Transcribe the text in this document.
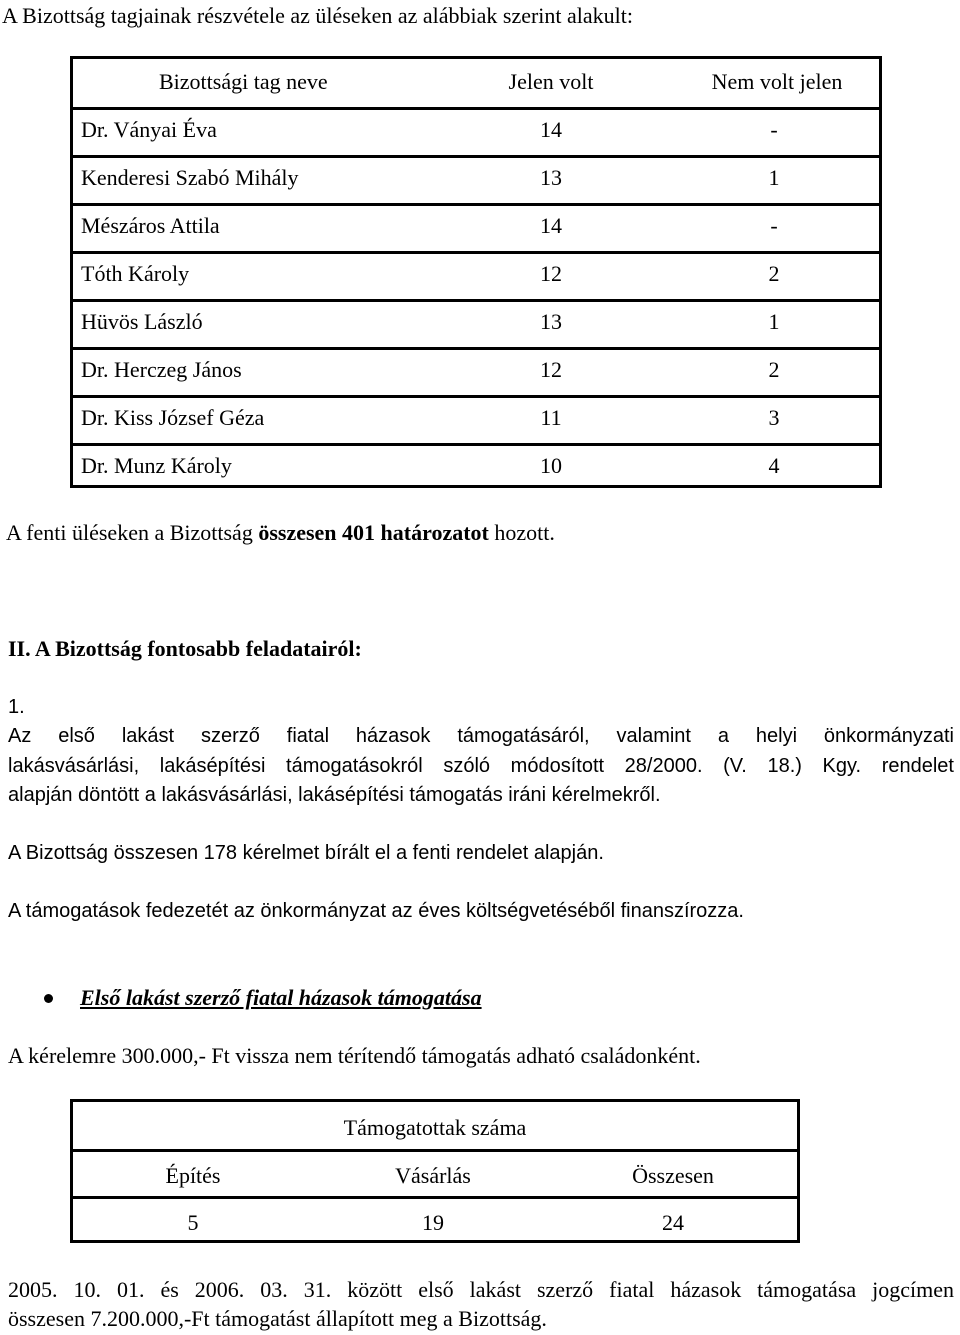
A Bizottság tagjainak részvétele az üléseken az alábbiak szerint alakult:
Bizottsági tag neve	Jelen volt	Nem volt jelen
Dr. Ványai Éva	14	-
Kenderesi Szabó Mihály	13	1
Mészáros Attila	14	-
Tóth Károly	12	2
Hüvös László	13	1
Dr. Herczeg János	12	2
Dr. Kiss József Géza	11	3
Dr. Munz Károly	10	4
A fenti üléseken a Bizottság összesen 401 határozatot hozott.
II. A Bizottság fontosabb feladatairól:
1.
Az első lakást szerző fiatal házasok támogatásáról, valamint a helyi önkormányzati
lakásvásárlási, lakásépítési támogatásokról szóló módosított 28/2000. (V. 18.) Kgy. rendelet
alapján döntött a lakásvásárlási, lakásépítési támogatás iráni kérelmekről.
A Bizottság összesen 178 kérelmet bírált el a fenti rendelet alapján.
A támogatások fedezetét az önkormányzat az éves költségvetéséből finanszírozza.
Első lakást szerző fiatal házasok támogatása
A kérelemre 300.000,- Ft vissza nem térítendő támogatás adható családonként.
Támogatottak száma
Építés	Vásárlás	Összesen
5	19	24
2005. 10. 01. és 2006. 03. 31. között első lakást szerző fiatal házasok támogatása jogcímen
összesen 7.200.000,-Ft támogatást állapított meg a Bizottság.
